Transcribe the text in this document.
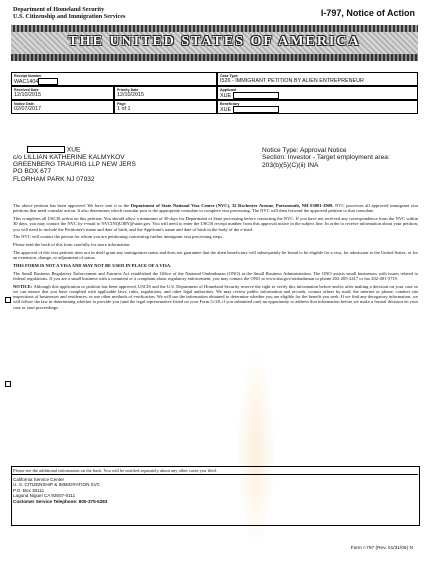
Department of Homeland Security
U.S. Citizenship and Immigration Services	I-797, Notice of Action
THE UNITED STATES OF AMERICA
Receipt Number
WAC1404
Case Type
I526 - IMMIGRANT PETITION BY ALIEN ENTREPRENEUR
Received Date
12/10/2015
Priority Date
12/10/2015
Applicant
XUE
Notice Date
02/07/2017
Page
1 of 1
Beneficiary
XUE
XUE
c/o LILLIAN KATHERINE KALMYKOV
GREENBERG TRAURIG LLP NEW JERS
PO BOX 677
FLORHAM PARK NJ 07932
Notice Type: Approval Notice
Section: Investor - Target employment area:
203(b)(5)(C)(ii) INA

The above petition has been approved. We have sent it to the Department of State National Visa Center (NVC), 32 Rochester Avenue, Portsmouth, NH 03801-2909. NVC processes all approved immigrant visa petitions that need consular action. It also determines which consular post is the appropriate consulate to complete visa processing. The NVC will then forward the approved petition to that consulate.

This completes all USCIS action on this petition. You should allow a minimum of 30 days for Department of State processing before contacting the NVC. If you have not received any correspondence from the NVC within 30 days, you may contact the NVC by e-mail to NVCINQUIRY@state.gov. You will need to enter the USCIS receipt number from this approval notice in the subject line. In order to receive information about your petition, you will need to include the Petitioner's name and date of birth, and the Applicant's name and date of birth in the body of the e-mail.

The NVC will contact the person for whom you are petitioning concerning further immigrant visa processing steps.

Please read the back of this form carefully for more information.

The approval of this visa petition does not in itself grant any immigration status and does not guarantee that the alien beneficiary will subsequently be found to be eligible for a visa, for admission to the United States, or for an extension, change, or adjustment of status.

THIS FORM IS NOT A VISA AND MAY NOT BE USED IN PLACE OF A VISA.

The Small Business Regulatory Enforcement and Fairness Act established the Office of the National Ombudsman (ONO) at the Small Business Administration. The ONO assists small businesses with issues related to federal regulations. If you are a small business with a comment or a complaint about regulatory enforcement, you may contact the ONO at www.sba.gov/ombudsman or phone 202-205-2417 or fax 202-481-5719.

NOTICE: Although this application or petition has been approved, USCIS and the U.S. Department of Homeland Security reserve the right to verify this information before and/or after making a decision on your case so we can ensure that you have complied with applicable laws, rules, regulations, and other legal authorities. We may review public information and records, contact others by mail, the internet or phone, conduct site inspections of businesses and residences, or use other methods of verification. We will use the information obtained to determine whether you are eligible for the benefit you seek. If we find any derogatory information, we will follow the law in determining whether to provide you (and the legal representative listed on your Form G-28, if you submitted one) an opportunity to address that information before we make a formal decision on your case or start proceedings.

Please see the additional information on the back. You will be notified separately about any other cases you filed.
California Service Center
U. S. CITIZENSHIP & IMMIGRATION SVC
P.O. Box 30111
Laguna Niguel CA 92607-0111
Customer Service Telephone: 800-375-5283
Form I-797 (Rev. 01/31/05) N
